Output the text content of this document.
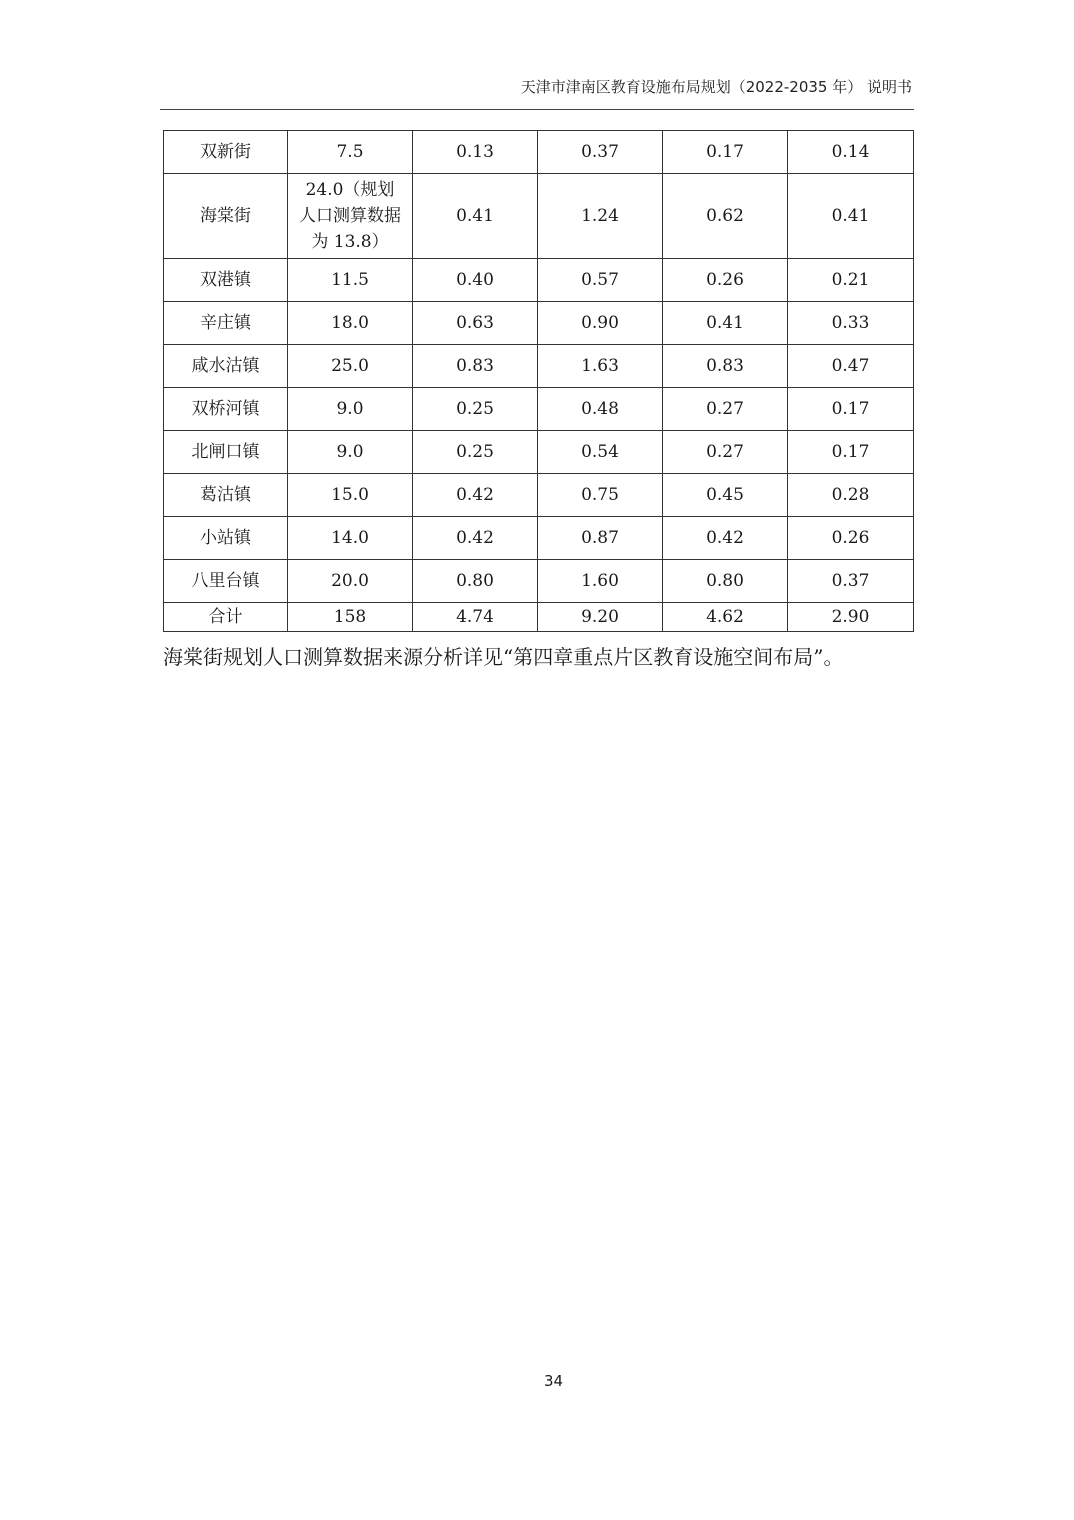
天津市津南区教育设施布局规划（2022-2035 年） 说明书
双新街	7.5	0.13	0.37	0.17	0.14
海棠街	24.0（规划人口测算数据为 13.8）	0.41	1.24	0.62	0.41
双港镇	11.5	0.40	0.57	0.26	0.21
辛庄镇	18.0	0.63	0.90	0.41	0.33
咸水沽镇	25.0	0.83	1.63	0.83	0.47
双桥河镇	9.0	0.25	0.48	0.27	0.17
北闸口镇	9.0	0.25	0.54	0.27	0.17
葛沽镇	15.0	0.42	0.75	0.45	0.28
小站镇	14.0	0.42	0.87	0.42	0.26
八里台镇	20.0	0.80	1.60	0.80	0.37
合计	158	4.74	9.20	4.62	2.90
海棠街规划人口测算数据来源分析详见“第四章重点片区教育设施空间布局”。
34
